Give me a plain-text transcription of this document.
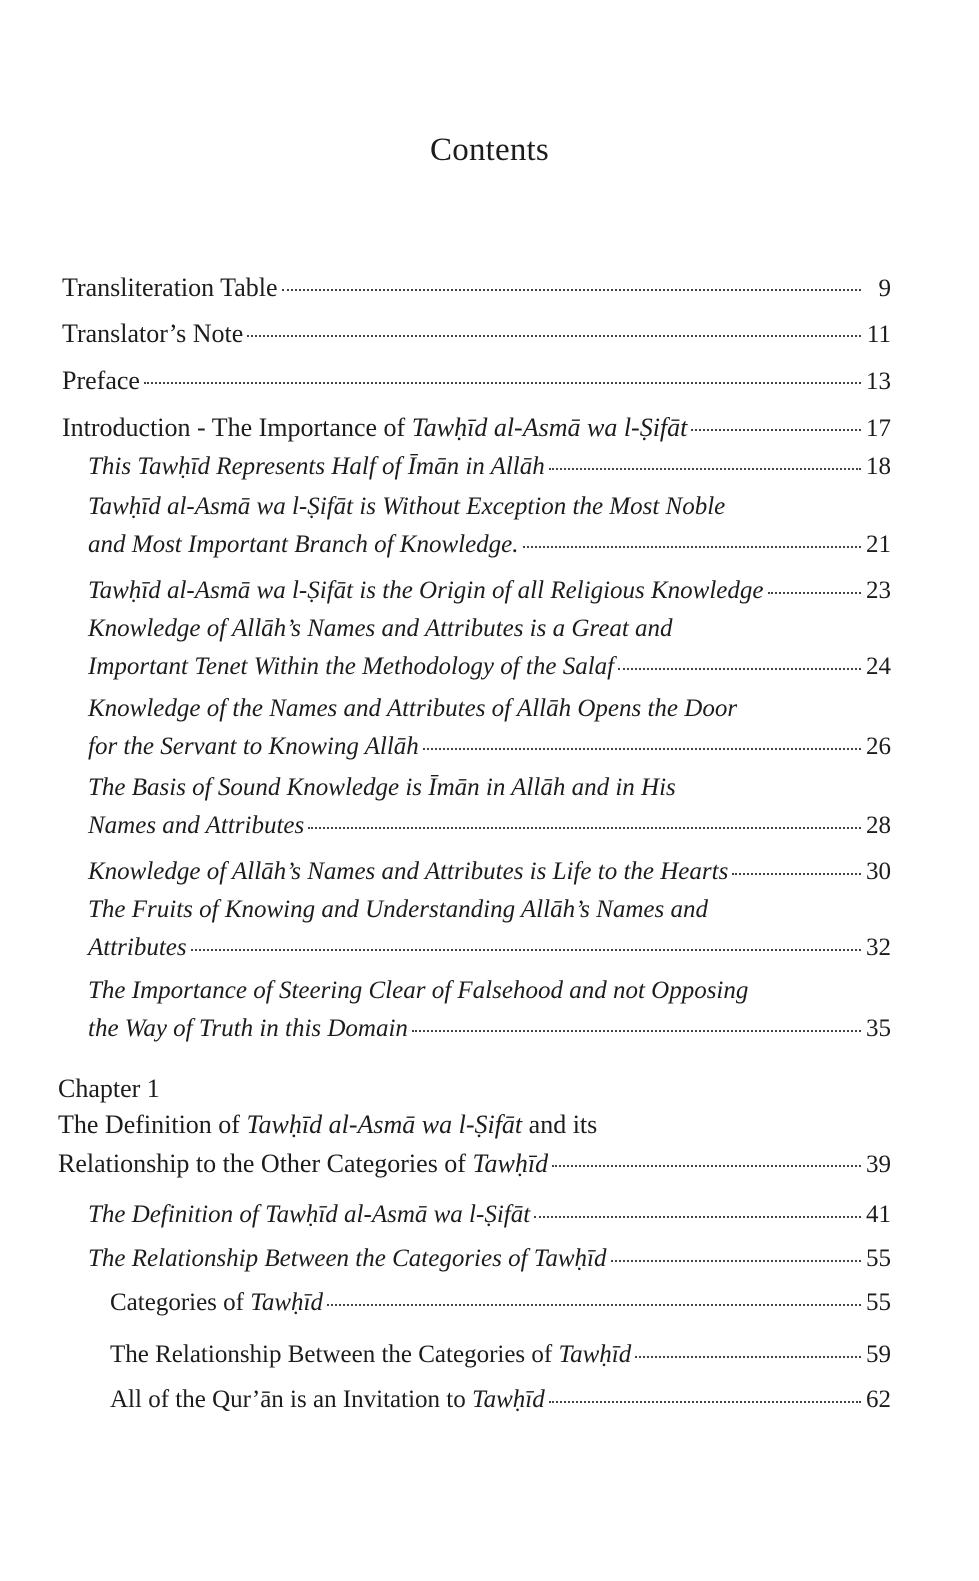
Contents
Transliteration Table	9
Translator’s Note	11
Preface	13
Introduction - The Importance of Tawḥīd al-Asmā wa l-Ṣifāt	17
This Tawḥīd Represents Half of Īmān in Allāh	18
Tawḥīd al-Asmā wa l-Ṣifāt is Without Exception the Most Noble
and Most Important Branch of Knowledge.	21
Tawḥīd al-Asmā wa l-Ṣifāt is the Origin of all Religious Knowledge	23
Knowledge of Allāh’s Names and Attributes is a Great and
Important Tenet Within the Methodology of the Salaf	24
Knowledge of the Names and Attributes of Allāh Opens the Door
for the Servant to Knowing Allāh	26
The Basis of Sound Knowledge is Īmān in Allāh and in His
Names and Attributes	28
Knowledge of Allāh’s Names and Attributes is Life to the Hearts	30
The Fruits of Knowing and Understanding Allāh’s Names and
Attributes	32
The Importance of Steering Clear of Falsehood and not Opposing
the Way of Truth in this Domain	35
Chapter 1
The Definition of Tawḥīd al-Asmā wa l-Ṣifāt and its
Relationship to the Other Categories of Tawḥīd	39
The Definition of Tawḥīd al-Asmā wa l-Ṣifāt	41
The Relationship Between the Categories of Tawḥīd	55
Categories of Tawḥīd	55
The Relationship Between the Categories of Tawḥīd	59
All of the Qur’ān is an Invitation to Tawḥīd	62
